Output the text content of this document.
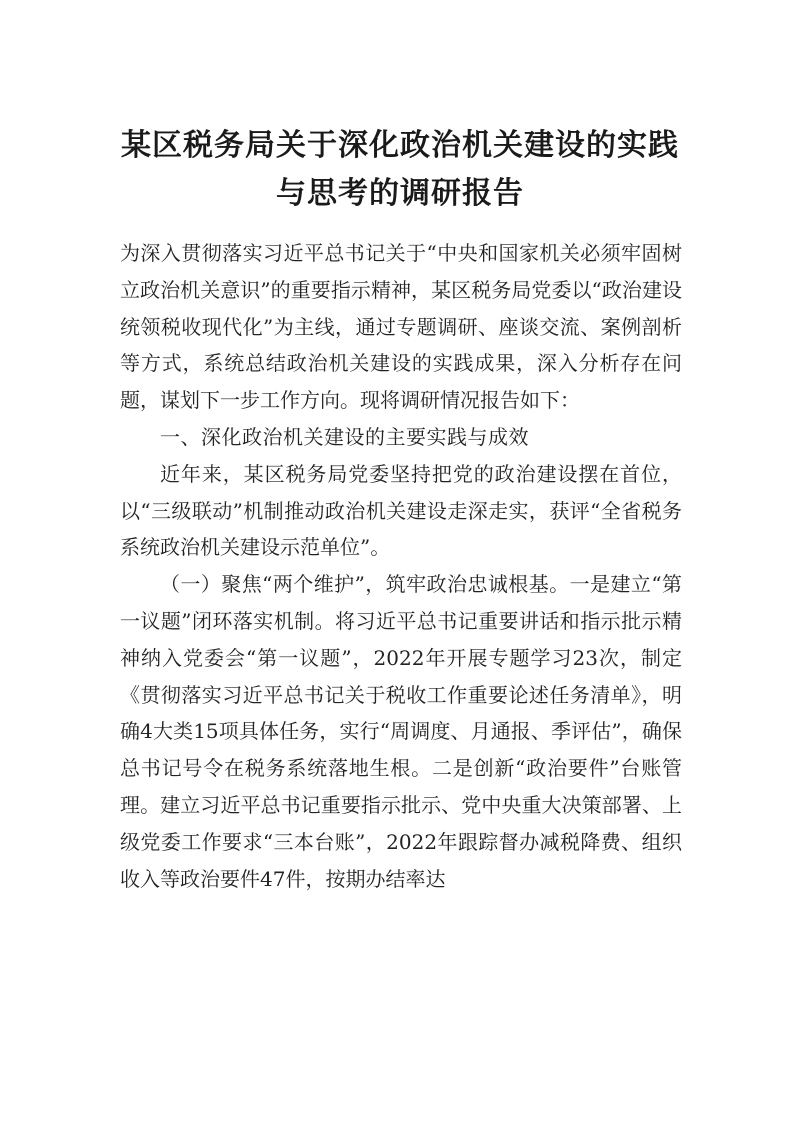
某区税务局关于深化政治机关建设的实践
与思考的调研报告

为深入贯彻落实习近平总书记关于“中央和国家机关必须牢固树立政治机关意识”的重要指示精神，某区税务局党委以“政治建设统领税收现代化”为主线，通过专题调研、座谈交流、案例剖析等方式，系统总结政治机关建设的实践成果，深入分析存在问题，谋划下一步工作方向。现将调研情况报告如下：

一、深化政治机关建设的主要实践与成效

近年来，某区税务局党委坚持把党的政治建设摆在首位，以“三级联动”机制推动政治机关建设走深走实，获评“全省税务系统政治机关建设示范单位”。

（一）聚焦“两个维护”，筑牢政治忠诚根基。一是建立“第一议题”闭环落实机制。将习近平总书记重要讲话和指示批示精神纳入党委会“第一议题”，2022年开展专题学习23次，制定《贯彻落实习近平总书记关于税收工作重要论述任务清单》，明确4大类15项具体任务，实行“周调度、月通报、季评估”，确保总书记号令在税务系统落地生根。二是创新“政治要件”台账管理。建立习近平总书记重要指示批示、党中央重大决策部署、上级党委工作要求“三本台账”，2022年跟踪督办减税降费、组织收入等政治要件47件，按期办结率达
